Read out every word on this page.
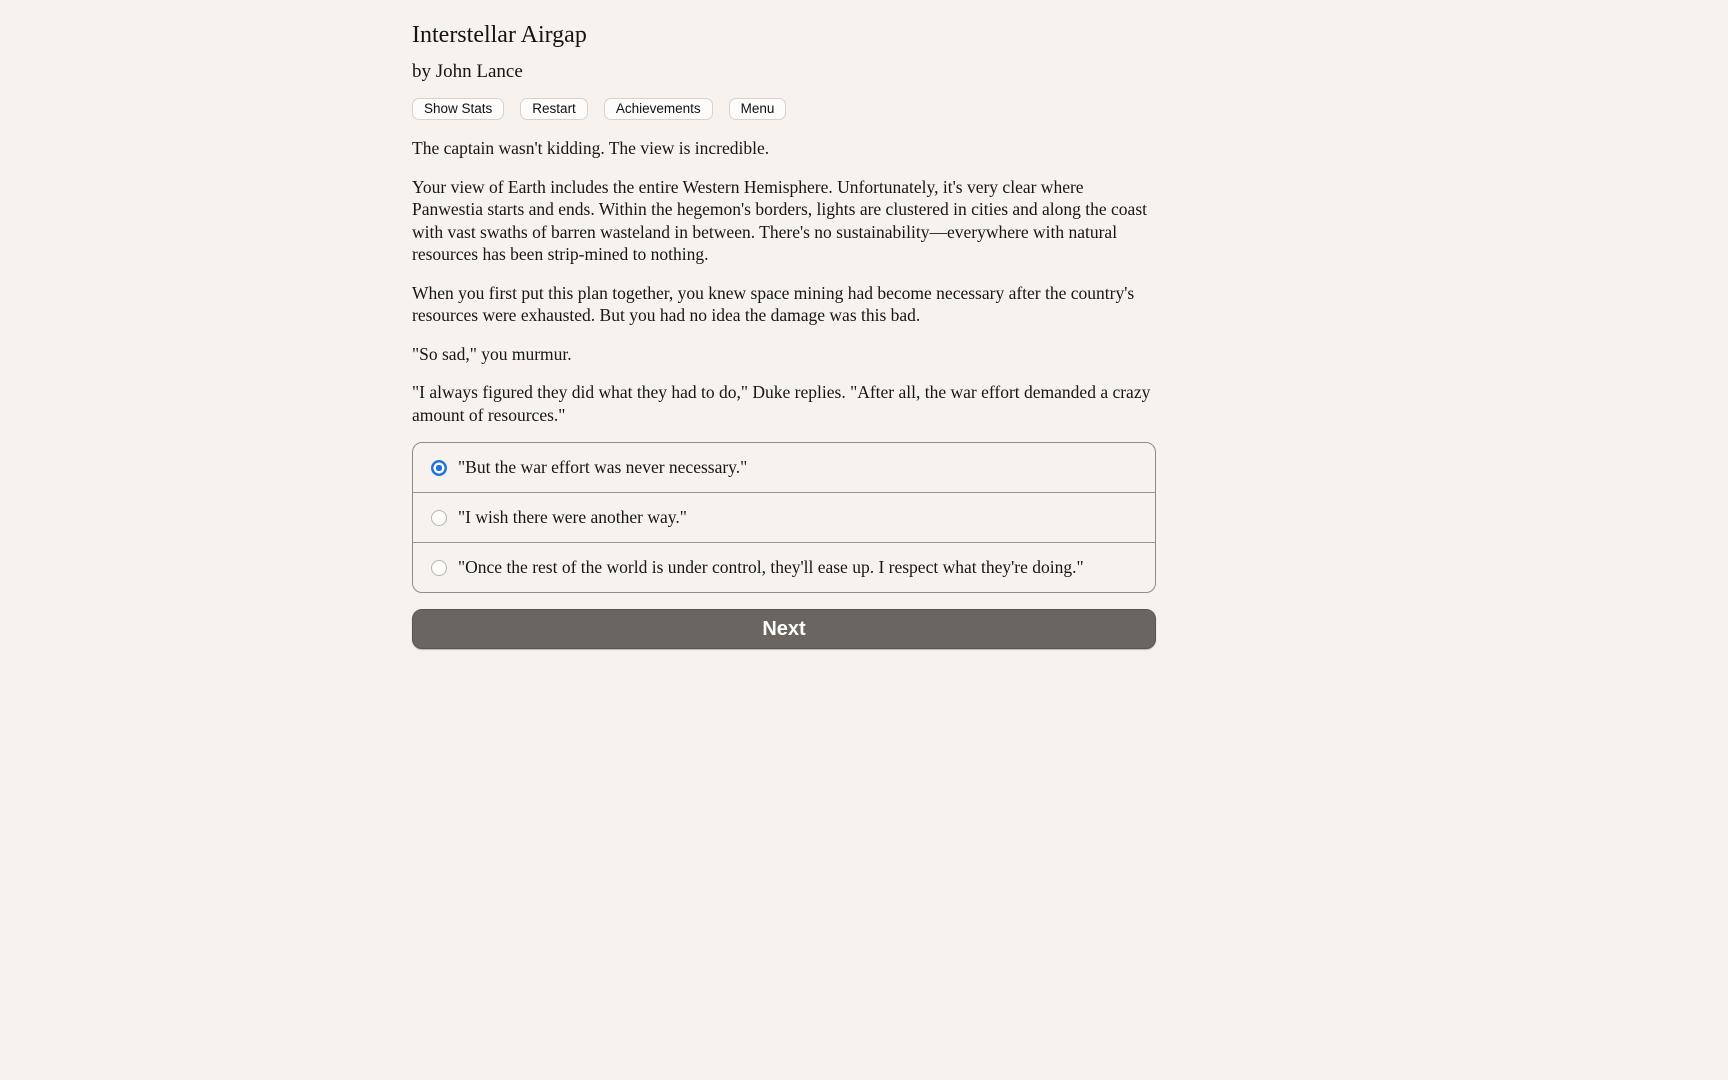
Interstellar Airgap
by John Lance
Show Stats	Restart	Achievements	Menu

The captain wasn't kidding. The view is incredible.

Your view of Earth includes the entire Western Hemisphere. Unfortunately, it's very clear where Panwestia starts and ends. Within the hegemon's borders, lights are clustered in cities and along the coast with vast swaths of barren wasteland in between. There's no sustainability—everywhere with natural resources has been strip-mined to nothing.

When you first put this plan together, you knew space mining had become necessary after the country's resources were exhausted. But you had no idea the damage was this bad.

"So sad," you murmur.

"I always figured they did what they had to do," Duke replies. "After all, the war effort demanded a crazy amount of resources."

"But the war effort was never necessary."
"I wish there were another way."
"Once the rest of the world is under control, they'll ease up. I respect what they're doing."
Next
